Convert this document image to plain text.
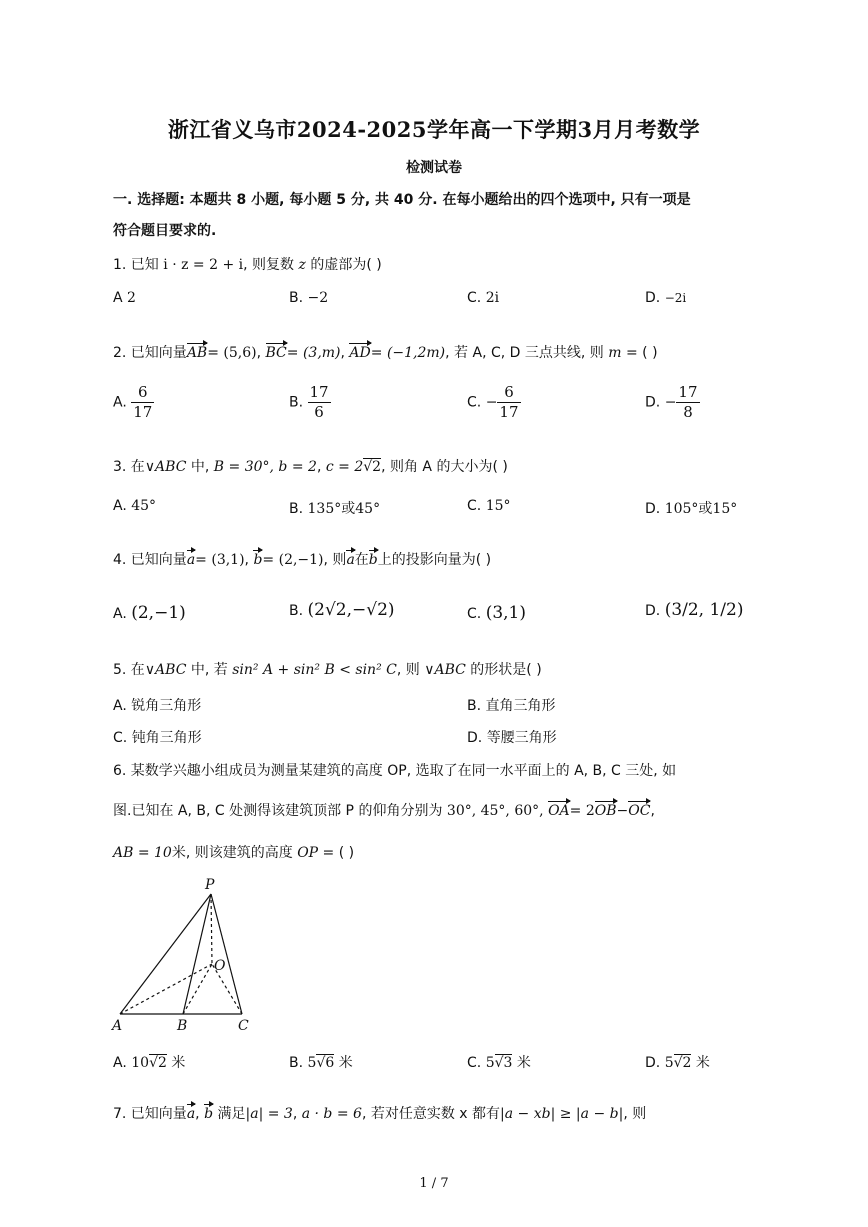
浙江省义乌市2024-2025学年高一下学期3月月考数学
检测试卷
一. 选择题: 本题共 8 小题, 每小题 5 分, 共 40 分. 在每小题给出的四个选项中, 只有一项是
符合题目要求的.
1. 已知 i · z = 2 + i, 则复数 z 的虚部为( )
A 2	B. −2	C. 2i	D. −2i
2. 已知向量AB= (5,6), BC= (3,m), AD= (−1,2m), 若 A, C, D 三点共线, 则 m = ( )
A. $\frac{6}{17}$	B. $\frac{17}{6}$	C. − $\frac{6}{17}$	D. − $\frac{17}{8}$
3. 在∨ABC 中, B = 30°, b = 2, c = 2√2, 则角 A 的大小为( )
A. 45°	B. 135°或45°	C. 15°	D. 105°或15°
4. 已知向量a= (3,1), b= (2,−1), 则a在b上的投影向量为( )
A. (2,−1)	B. (2√2,−√2)	C. (3,1)	D. (3/2, 1/2)
5. 在∨ABC 中, 若 sin² A + sin² B < sin² C, 则 ∨ABC 的形状是( )
A. 锐角三角形	B. 直角三角形
C. 钝角三角形	D. 等腰三角形
6. 某数学兴趣小组成员为测量某建筑的高度 OP, 选取了在同一水平面上的 A, B, C 三处, 如
图.已知在 A, B, C 处测得该建筑顶部 P 的仰角分别为 30°, 45°, 60°, OA= 2OB−OC,
AB = 10米, 则该建筑的高度 OP = ( )
P
O
A	B	C
A. 10√2 米	B. 5√6 米	C. 5√3 米	D. 5√2 米
7. 已知向量a, b 满足|a| = 3, a · b = 6, 若对任意实数 x 都有|a − xb| ≥ |a − b|, 则
1 / 7
